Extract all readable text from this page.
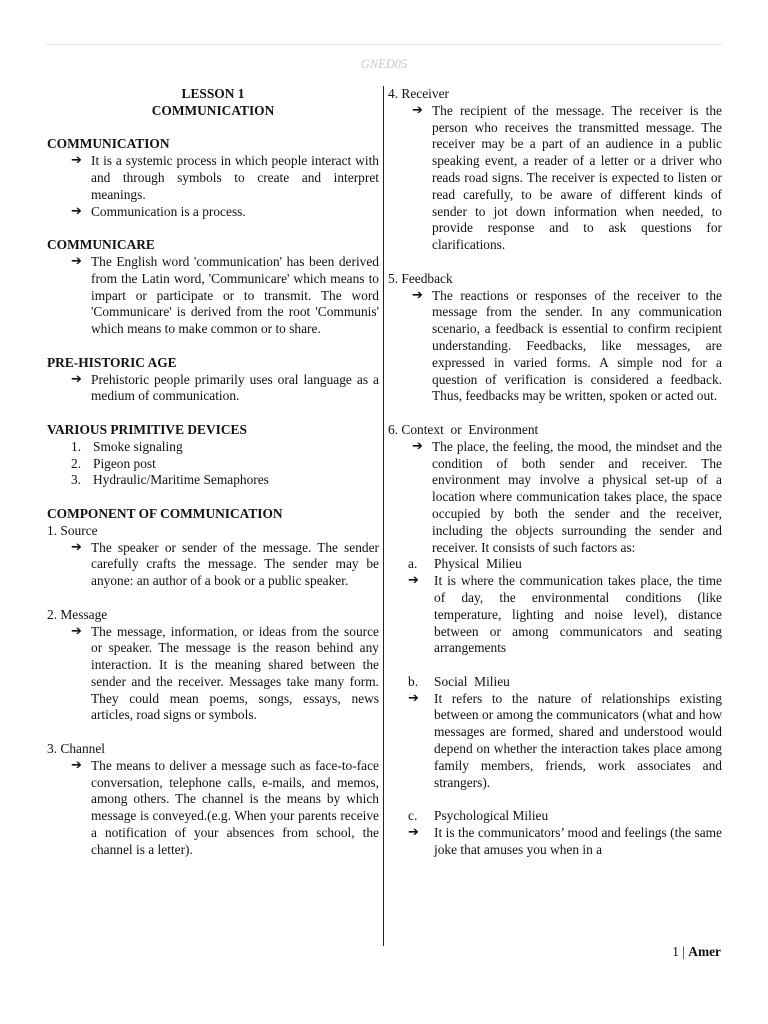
GNED05
LESSON 1
COMMUNICATION
COMMUNICATION
➔ It is a systemic process in which people interact with and through symbols to create and interpret meanings.
➔ Communication is a process.
COMMUNICARE
➔ The English word 'communication' has been derived from the Latin word, 'Communicare' which means to impart or participate or to transmit. The word 'Communicare' is derived from the root 'Communis' which means to make common or to share.
PRE-HISTORIC AGE
➔ Prehistoric people primarily uses oral language as a medium of communication.
VARIOUS PRIMITIVE DEVICES
1. Smoke signaling
2. Pigeon post
3. Hydraulic/Maritime Semaphores
COMPONENT OF COMMUNICATION
1. Source
➔ The speaker or sender of the message. The sender carefully crafts the message. The sender may be anyone: an author of a book or a public speaker.
2. Message
➔ The message, information, or ideas from the source or speaker. The message is the reason behind any interaction. It is the meaning shared between the sender and the receiver. Messages take many form. They could mean poems, songs, essays, news articles, road signs or symbols.
3. Channel
➔ The means to deliver a message such as face-to-face conversation, telephone calls, e-mails, and memos, among others. The channel is the means by which message is conveyed.(e.g. When your parents receive a notification of your absences from school, the channel is a letter).
4. Receiver
➔ The recipient of the message. The receiver is the person who receives the transmitted message. The receiver may be a part of an audience in a public speaking event, a reader of a letter or a driver who reads road signs. The receiver is expected to listen or read carefully, to be aware of different kinds of sender to jot down information when needed, to provide response and to ask questions for clarifications.
5. Feedback
➔ The reactions or responses of the receiver to the message from the sender. In any communication scenario, a feedback is essential to confirm recipient understanding. Feedbacks, like messages, are expressed in varied forms. A simple nod for a question of verification is considered a feedback. Thus, feedbacks may be written, spoken or acted out.
6. Context  or  Environment
➔ The place, the feeling, the mood, the mindset and the condition of both sender and receiver. The environment may involve a physical set-up of a location where communication takes place, the space occupied by both the sender and the receiver, including the objects surrounding the sender and receiver. It consists of such factors as:
a.	Physical  Milieu
➔	It is where the communication takes place, the time of day, the environmental conditions (like temperature, lighting and noise level), distance between or among communicators and seating arrangements
b.	Social  Milieu
➔	It refers to the nature of relationships existing between or among the communicators (what and how messages are formed, shared and understood would depend on whether the interaction takes place among family members, friends, work associates and strangers).
c.	Psychological Milieu
➔	It is the communicators’ mood and feelings (the same joke that amuses you when in a
1 | Amer
